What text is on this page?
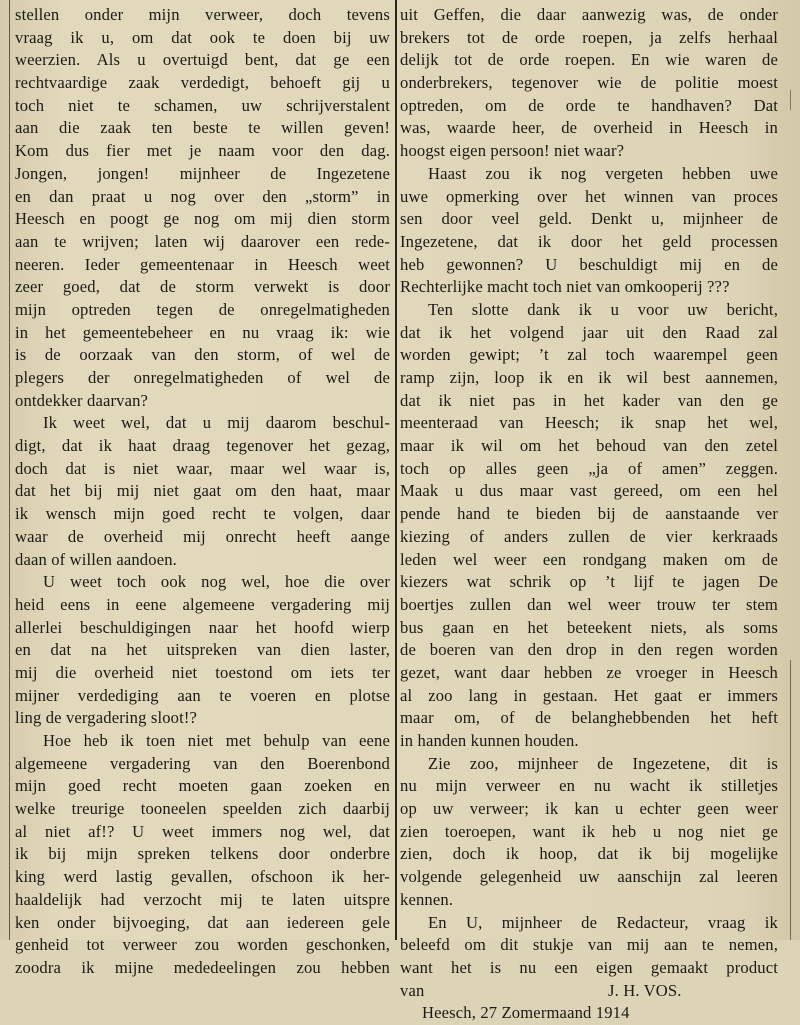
stellen onder mijn verweer, doch tevens
vraag ik u, om dat ook te doen bij uw
weerzien. Als u overtuigd bent, dat ge een
rechtvaardige zaak verdedigt, behoeft gij u
toch niet te schamen, uw schrijverstalent
aan die zaak ten beste te willen geven!
Kom dus fier met je naam voor den dag.
Jongen, jongen! mijnheer de Ingezetene
en dan praat u nog over den „storm” in
Heesch en poogt ge nog om mij dien storm
aan te wrijven; laten wij daarover een rede-
neeren. Ieder gemeentenaar in Heesch weet
zeer goed, dat de storm verwekt is door
mijn optreden tegen de onregelmatigheden
in het gemeentebeheer en nu vraag ik: wie
is de oorzaak van den storm, of wel de
plegers der onregelmatigheden of wel de
ontdekker daarvan?
Ik weet wel, dat u mij daarom beschul-
digt, dat ik haat draag tegenover het gezag,
doch dat is niet waar, maar wel waar is,
dat het bij mij niet gaat om den haat, maar
ik wensch mijn goed recht te volgen, daar
waar de overheid mij onrecht heeft aange
daan of willen aandoen.
U weet toch ook nog wel, hoe die over
heid eens in eene algemeene vergadering mij
allerlei beschuldigingen naar het hoofd wierp
en dat na het uitspreken van dien laster,
mij die overheid niet toestond om iets ter
mijner verdediging aan te voeren en plotse
ling de vergadering sloot!?
Hoe heb ik toen niet met behulp van eene
algemeene vergadering van den Boerenbond
mijn goed recht moeten gaan zoeken en
welke treurige tooneelen speelden zich daarbij
al niet af!? U weet immers nog wel, dat
ik bij mijn spreken telkens door onderbre
king werd lastig gevallen, ofschoon ik her-
haaldelijk had verzocht mij te laten uitspre
ken onder bijvoeging, dat aan iedereen gele
genheid tot verweer zou worden geschonken,
zoodra ik mijne mededeelingen zou hebben
uit Geffen, die daar aanwezig was, de onder
brekers tot de orde roepen, ja zelfs herhaal
delijk tot de orde roepen. En wie waren de
onderbrekers, tegenover wie de politie moest
optreden, om de orde te handhaven? Dat
was, waarde heer, de overheid in Heesch in
hoogst eigen persoon! niet waar?
Haast zou ik nog vergeten hebben uwe
uwe opmerking over het winnen van proces
sen door veel geld. Denkt u, mijnheer de
Ingezetene, dat ik door het geld processen
heb gewonnen? U beschuldigt mij en de
Rechterlijke macht toch niet van omkooperij ???
Ten slotte dank ik u voor uw bericht,
dat ik het volgend jaar uit den Raad zal
worden gewipt; ’t zal toch waarempel geen
ramp zijn, loop ik en ik wil best aannemen,
dat ik niet pas in het kader van den ge
meenteraad van Heesch; ik snap het wel,
maar ik wil om het behoud van den zetel
toch op alles geen „ja of amen” zeggen.
Maak u dus maar vast gereed, om een hel
pende hand te bieden bij de aanstaande ver
kiezing of anders zullen de vier kerkraads
leden wel weer een rondgang maken om de
kiezers wat schrik op ’t lijf te jagen De
boertjes zullen dan wel weer trouw ter stem
bus gaan en het beteekent niets, als soms
de boeren van den drop in den regen worden
gezet, want daar hebben ze vroeger in Heesch
al zoo lang in gestaan. Het gaat er immers
maar om, of de belanghebbenden het heft
in handen kunnen houden.
Zie zoo, mijnheer de Ingezetene, dit is
nu mijn verweer en nu wacht ik stilletjes
op uw verweer; ik kan u echter geen weer
zien toeroepen, want ik heb u nog niet ge
zien, doch ik hoop, dat ik bij mogelijke
volgende gelegenheid uw aanschijn zal leeren
kennen.
En U, mijnheer de Redacteur, vraag ik
beleefd om dit stukje van mij aan te nemen,
want het is nu een eigen gemaakt product
van	J. H. VOS.
Heesch, 27 Zomermaand 1914
